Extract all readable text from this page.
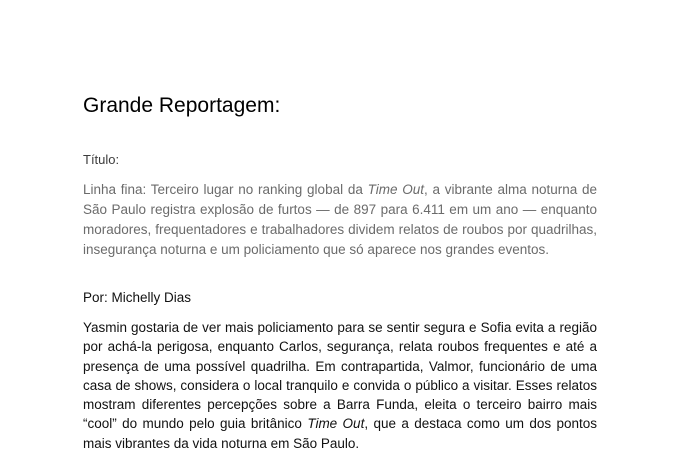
Grande Reportagem:

Título:

Linha fina: Terceiro lugar no ranking global da Time Out, a vibrante alma noturna de São Paulo registra explosão de furtos — de 897 para 6.411 em um ano — enquanto moradores, frequentadores e trabalhadores dividem relatos de roubos por quadrilhas, insegurança noturna e um policiamento que só aparece nos grandes eventos.

Por: Michelly Dias

Yasmin gostaria de ver mais policiamento para se sentir segura e Sofia evita a região por achá-la perigosa, enquanto Carlos, segurança, relata roubos frequentes e até a presença de uma possível quadrilha. Em contrapartida, Valmor, funcionário de uma casa de shows, considera o local tranquilo e convida o público a visitar. Esses relatos mostram diferentes percepções sobre a Barra Funda, eleita o terceiro bairro mais “cool” do mundo pelo guia britânico Time Out, que a destaca como um dos pontos mais vibrantes da vida noturna em São Paulo.
